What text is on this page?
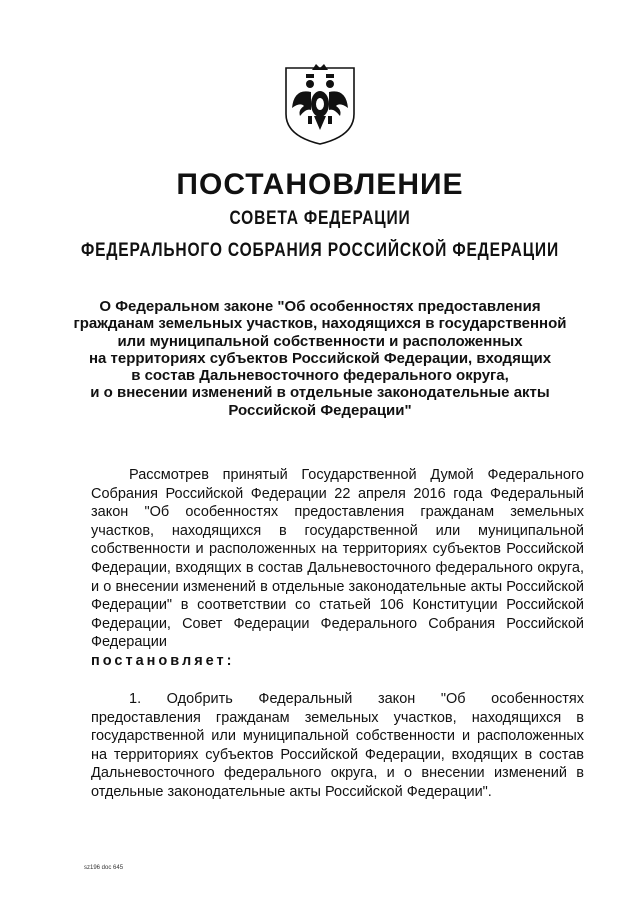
ПОСТАНОВЛЕНИЕ
СОВЕТА ФЕДЕРАЦИИ
ФЕДЕРАЛЬНОГО СОБРАНИЯ РОССИЙСКОЙ ФЕДЕРАЦИИ
О Федеральном законе "Об особенностях предоставления
гражданам земельных участков, находящихся в государственной
или муниципальной собственности и расположенных
на территориях субъектов Российской Федерации, входящих
в состав Дальневосточного федерального округа,
и о внесении изменений в отдельные законодательные акты
Российской Федерации"
Рассмотрев принятый Государственной Думой Федерального Собрания Российской Федерации 22 апреля 2016 года Федеральный закон "Об особенностях предоставления гражданам земельных участков, находящихся в государственной или муниципальной собственности и расположенных на территориях субъектов Российской Федерации, входящих в состав Дальневосточного федерального округа, и о внесении изменений в отдельные законодательные акты Российской Федерации" в соответствии со статьей 106 Конституции Российской Федерации, Совет Федерации Федерального Собрания Российской Федерации
постановляет:
1. Одобрить Федеральный закон "Об особенностях предоставления гражданам земельных участков, находящихся в государственной или муниципальной собственности и расположенных на территориях субъектов Российской Федерации, входящих в состав Дальневосточного федерального округа, и о внесении изменений в отдельные законодательные акты Российской Федерации".
sz196 doc 645
